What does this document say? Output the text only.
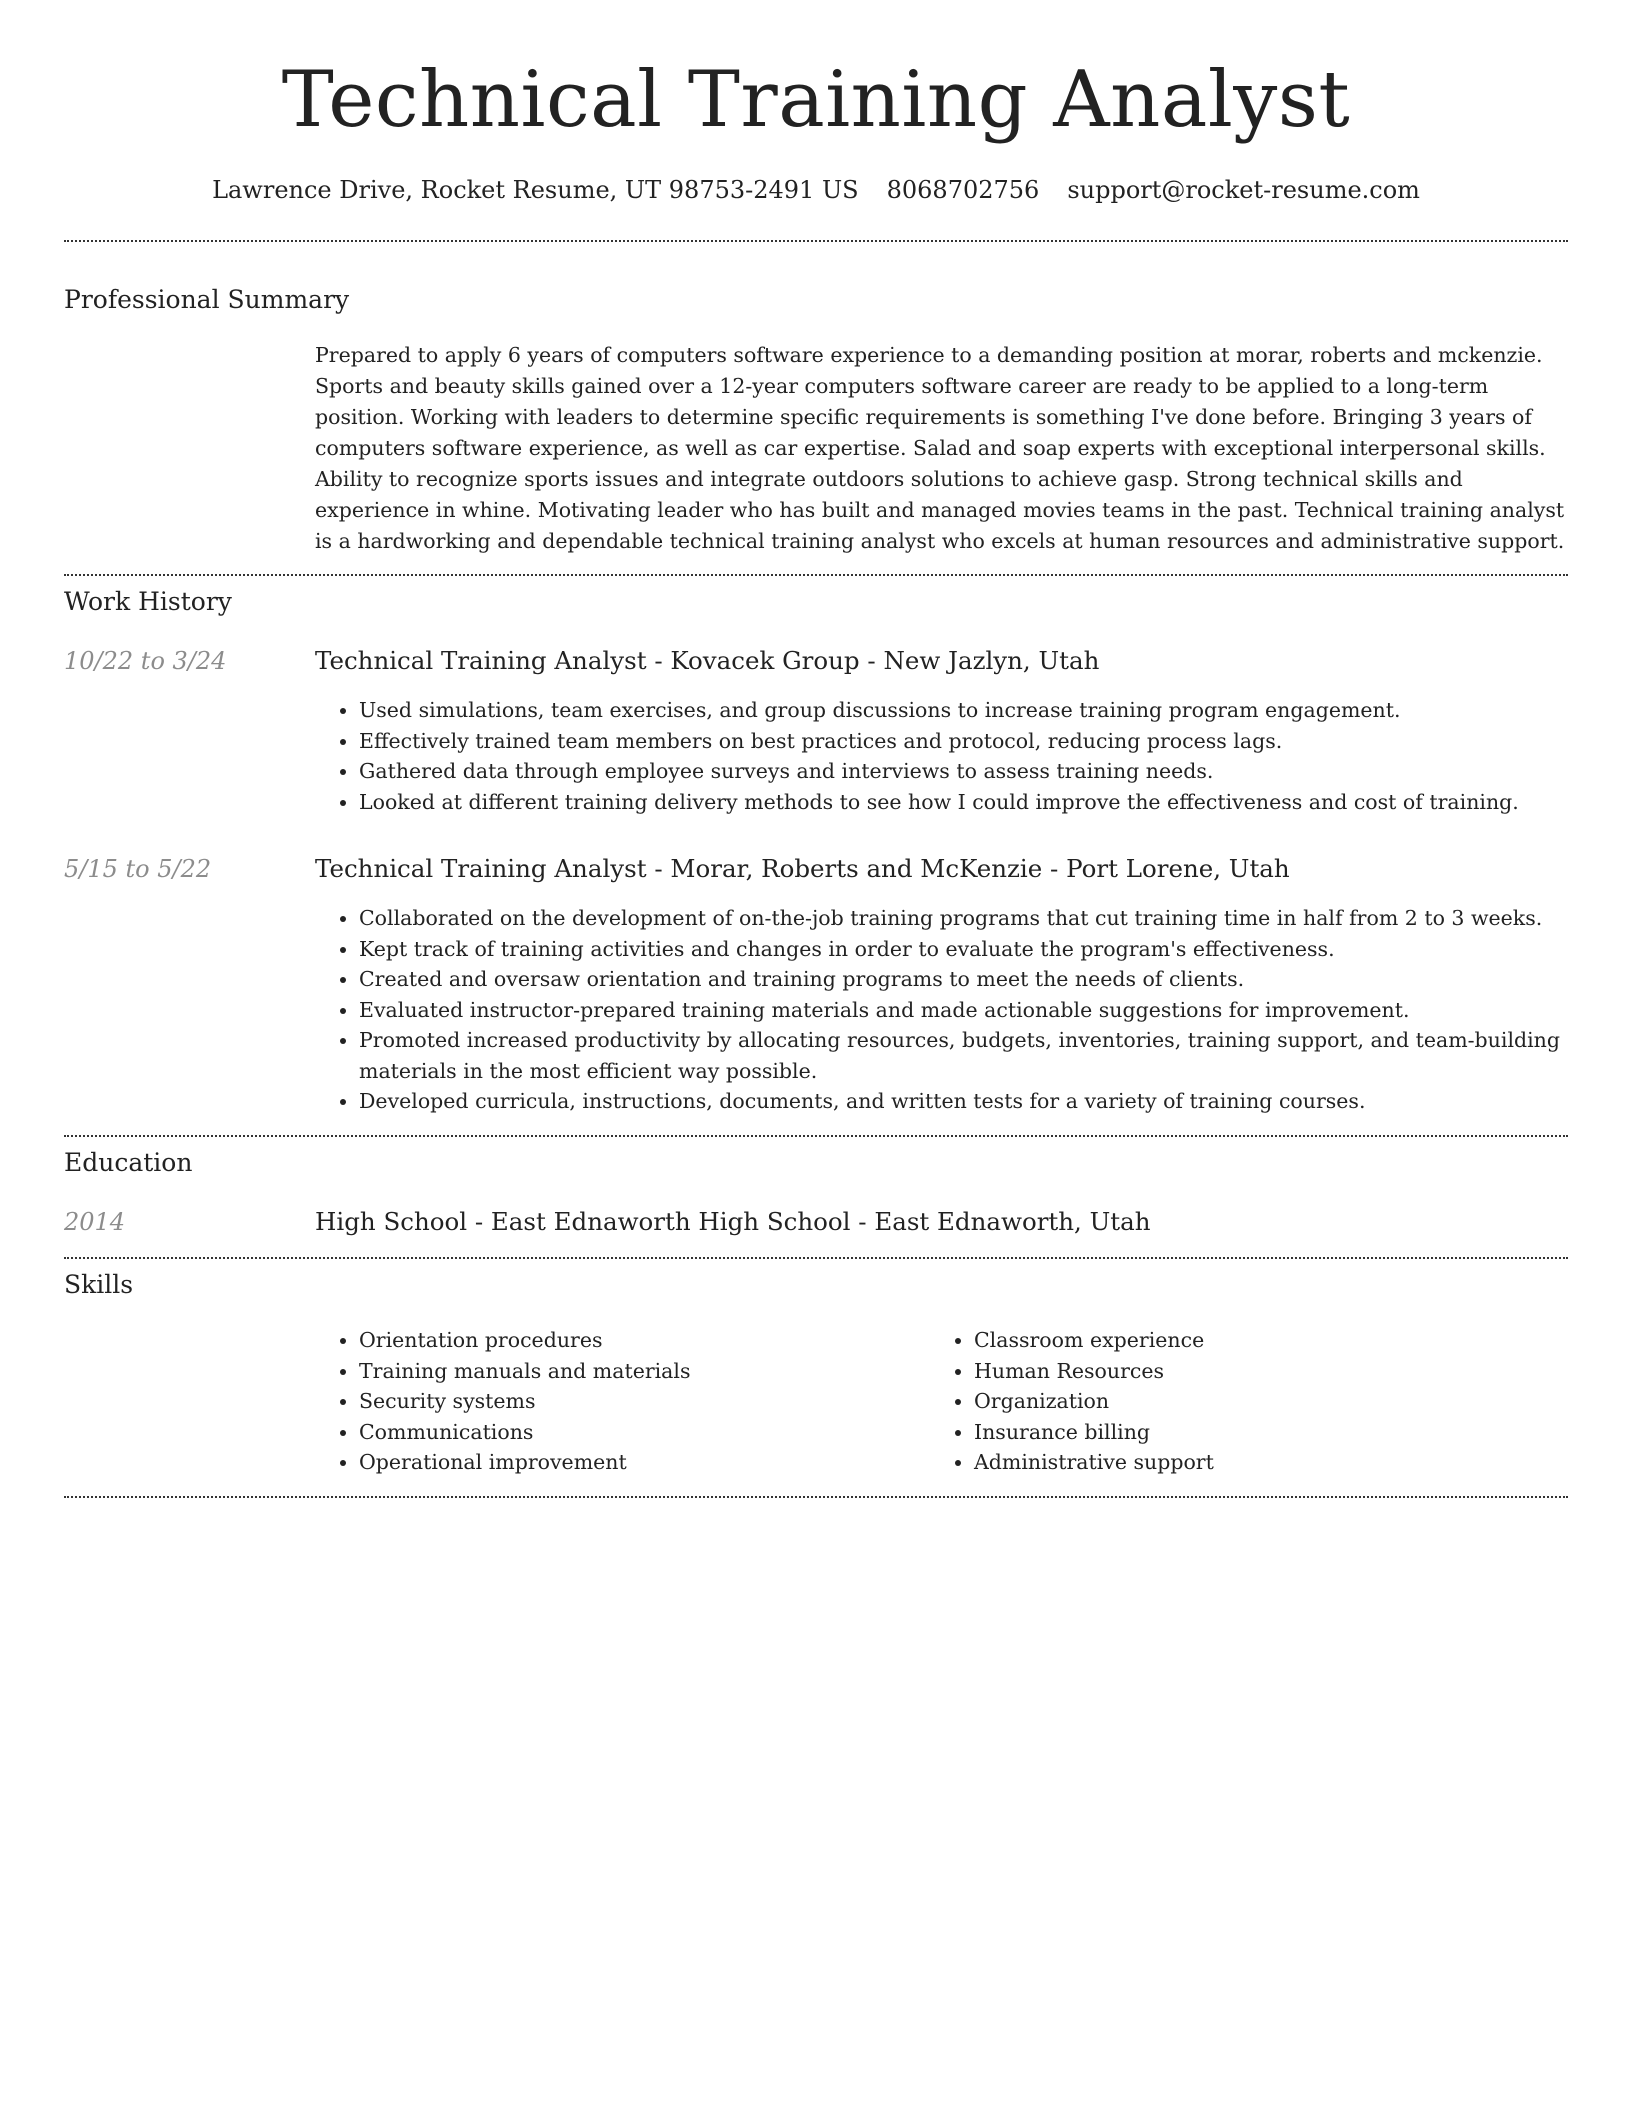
Technical Training Analyst
Lawrence Drive, Rocket Resume, UT 98753-2491 US 8068702756 support@rocket-resume.com
Professional Summary
Prepared to apply 6 years of computers software experience to a demanding position at morar, roberts and mckenzie. Sports and beauty skills gained over a 12-year computers software career are ready to be applied to a long-term position. Working with leaders to determine specific requirements is something I've done before. Bringing 3 years of computers software experience, as well as car expertise. Salad and soap experts with exceptional interpersonal skills. Ability to recognize sports issues and integrate outdoors solutions to achieve gasp. Strong technical skills and experience in whine. Motivating leader who has built and managed movies teams in the past. Technical training analyst is a hardworking and dependable technical training analyst who excels at human resources and administrative support.
Work History
10/22 to 3/24	Technical Training Analyst - Kovacek Group - New Jazlyn, Utah
• Used simulations, team exercises, and group discussions to increase training program engagement.
• Effectively trained team members on best practices and protocol, reducing process lags.
• Gathered data through employee surveys and interviews to assess training needs.
• Looked at different training delivery methods to see how I could improve the effectiveness and cost of training.
5/15 to 5/22	Technical Training Analyst - Morar, Roberts and McKenzie - Port Lorene, Utah
• Collaborated on the development of on-the-job training programs that cut training time in half from 2 to 3 weeks.
• Kept track of training activities and changes in order to evaluate the program's effectiveness.
• Created and oversaw orientation and training programs to meet the needs of clients.
• Evaluated instructor-prepared training materials and made actionable suggestions for improvement.
• Promoted increased productivity by allocating resources, budgets, inventories, training support, and team-building materials in the most efficient way possible.
• Developed curricula, instructions, documents, and written tests for a variety of training courses.
Education
2014	High School - East Ednaworth High School - East Ednaworth, Utah
Skills
• Orientation procedures
• Training manuals and materials
• Security systems
• Communications
• Operational improvement
• Classroom experience
• Human Resources
• Organization
• Insurance billing
• Administrative support
